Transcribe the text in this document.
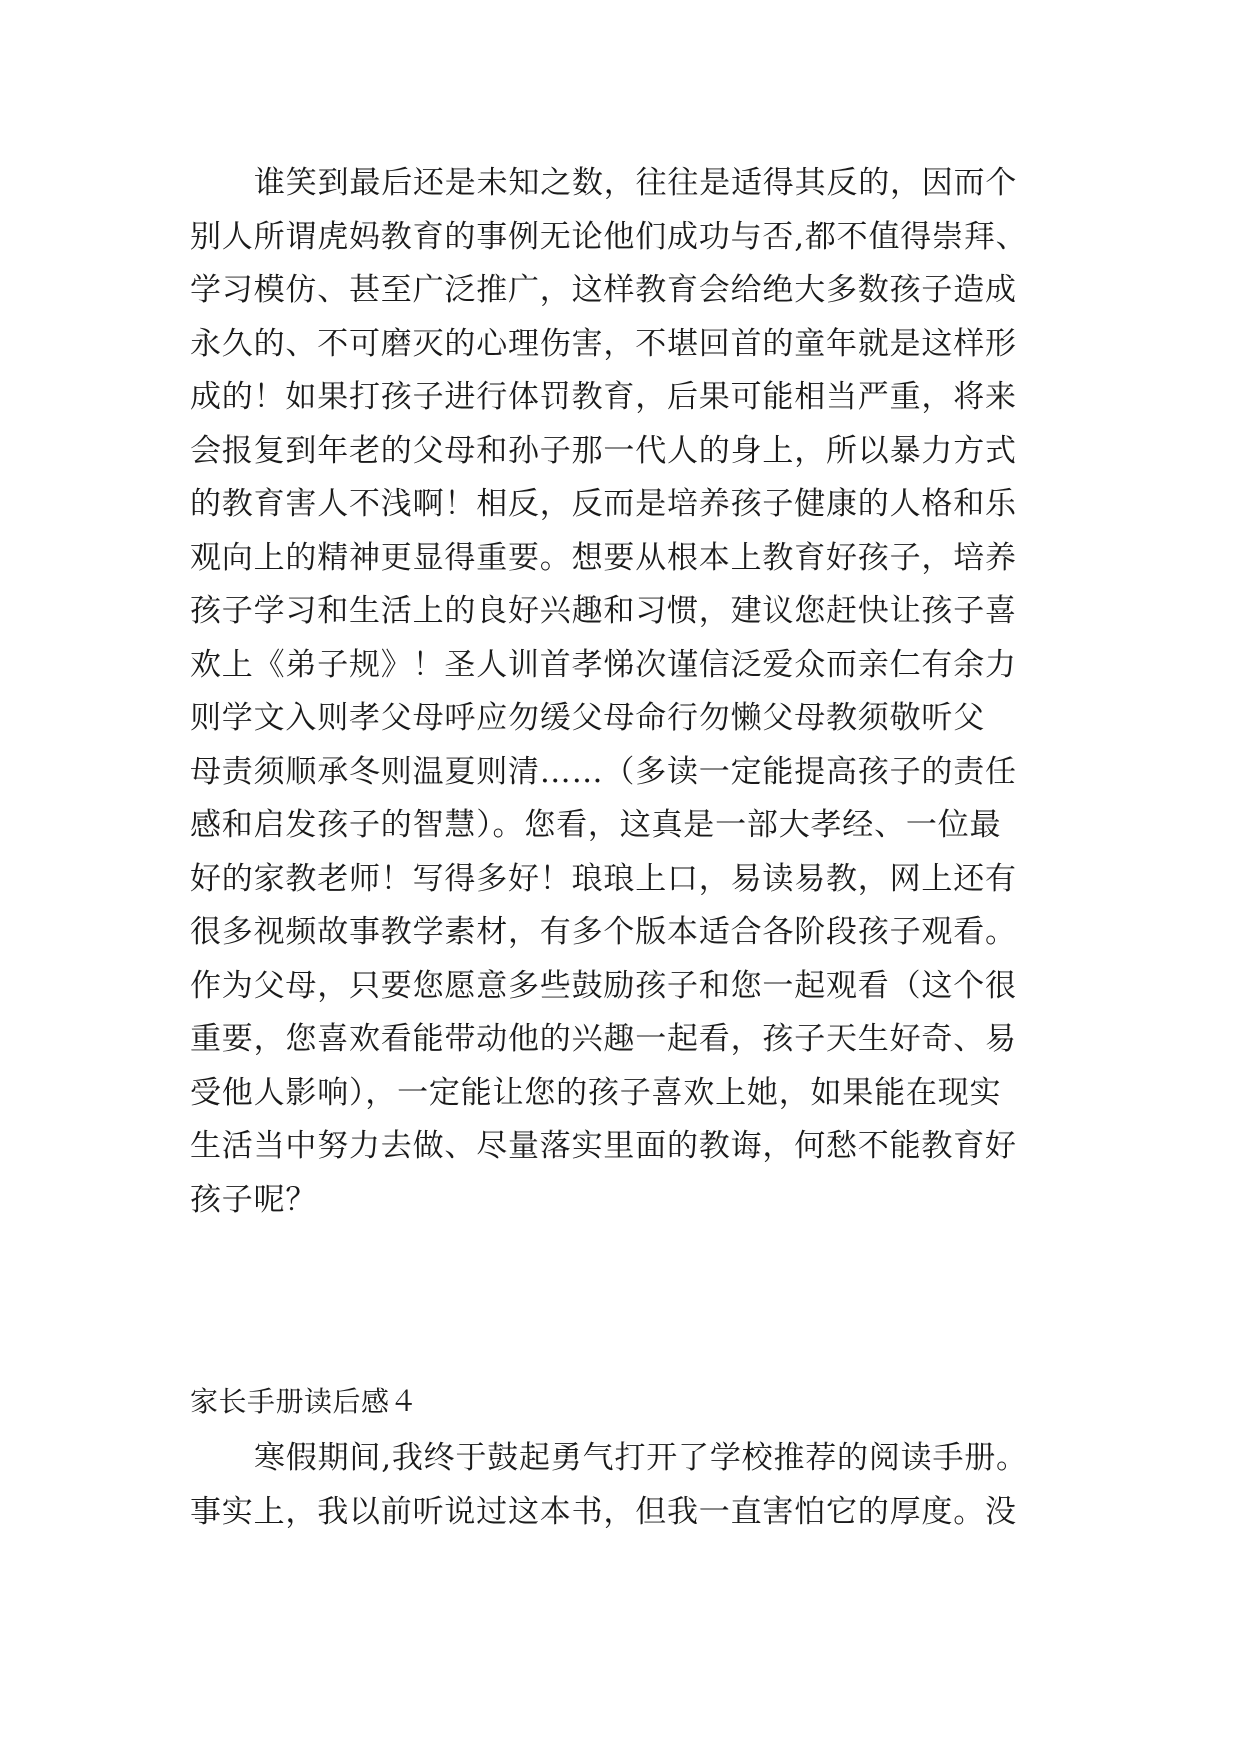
谁笑到最后还是未知之数，往往是适得其反的，因而个
别人所谓虎妈教育的事例无论他们成功与否,都不值得崇拜、
学习模仿、甚至广泛推广，这样教育会给绝大多数孩子造成
永久的、不可磨灭的心理伤害，不堪回首的童年就是这样形
成的！如果打孩子进行体罚教育，后果可能相当严重，将来
会报复到年老的父母和孙子那一代人的身上，所以暴力方式
的教育害人不浅啊！相反，反而是培养孩子健康的人格和乐
观向上的精神更显得重要。想要从根本上教育好孩子，培养
孩子学习和生活上的良好兴趣和习惯，建议您赶快让孩子喜
欢上《弟子规》！圣人训首孝悌次谨信泛爱众而亲仁有余力
则学文入则孝父母呼应勿缓父母命行勿懒父母教须敬听父
母责须顺承冬则温夏则清……（多读一定能提高孩子的责任
感和启发孩子的智慧）。您看，这真是一部大孝经、一位最
好的家教老师！写得多好！琅琅上口，易读易教，网上还有
很多视频故事教学素材，有多个版本适合各阶段孩子观看。
作为父母，只要您愿意多些鼓励孩子和您一起观看（这个很
重要，您喜欢看能带动他的兴趣一起看，孩子天生好奇、易
受他人影响），一定能让您的孩子喜欢上她，如果能在现实
生活当中努力去做、尽量落实里面的教诲，何愁不能教育好
孩子呢？
家长手册读后感４
寒假期间,我终于鼓起勇气打开了学校推荐的阅读手册。
事实上，我以前听说过这本书，但我一直害怕它的厚度。没
